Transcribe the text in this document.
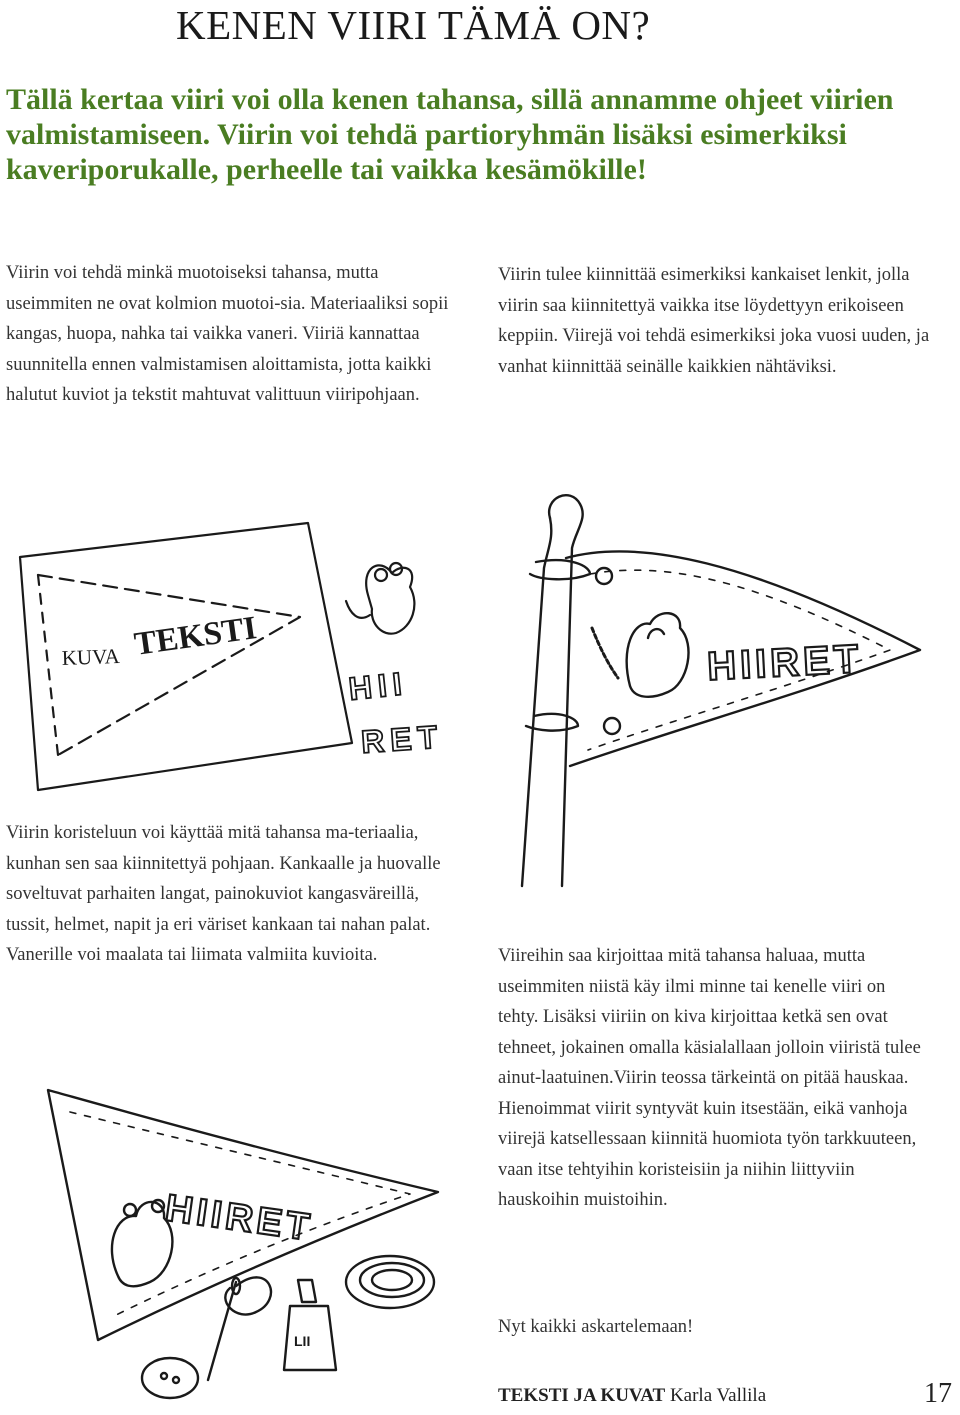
KENEN VIIRI TÄMÄ ON?

Tällä kertaa viiri voi olla kenen tahansa, sillä annamme ohjeet viirien valmistamiseen. Viirin voi tehdä partioryhmän lisäksi esimerkiksi kaveriporukalle, perheelle tai vaikka kesämökille!

Viirin voi tehdä minkä muotoiseksi tahansa, mutta useimmiten ne ovat kolmion muotoi-sia. Materiaaliksi sopii kangas, huopa, nahka tai vaikka vaneri. Viiriä kannattaa suunnitella ennen valmistamisen aloittamista, jotta kaikki halutut kuviot ja tekstit mahtuvat valittuun viiripohjaan.

Viirin tulee kiinnittää esimerkiksi kankaiset lenkit, jolla viirin saa kiinnitettyä vaikka itse löydettyyn erikoiseen keppiin. Viirejä voi tehdä esimerkiksi joka vuosi uuden, ja vanhat kiinnittää seinälle kaikkien nähtäviksi.

KUVA TEKSTI
HII
RET
HIIRET

Viirin koristeluun voi käyttää mitä tahansa ma-teriaalia, kunhan sen saa kiinnitettyä pohjaan. Kankaalle ja huovalle soveltuvat parhaiten langat, painokuviot kangasväreillä, tussit, helmet, napit ja eri väriset kankaan tai nahan palat. Vanerille voi maalata tai liimata valmiita kuvioita.

HIIRET
LII

Viireihin saa kirjoittaa mitä tahansa haluaa, mutta useimmiten niistä käy ilmi minne tai kenelle viiri on tehty. Lisäksi viiriin on kiva kirjoittaa ketkä sen ovat tehneet, jokainen omalla käsialallaan jolloin viiristä tulee ainut-laatuinen.Viirin teossa tärkeintä on pitää hauskaa. Hienoimmat viirit syntyvät kuin itsestään, eikä vanhoja viirejä katsellessaan kiinnitä huomiota työn tarkkuuteen, vaan itse tehtyihin koristeisiin ja niihin liittyviin hauskoihin muistoihin.

Nyt kaikki askartelemaan!

TEKSTI JA KUVAT Karla Vallila	17
